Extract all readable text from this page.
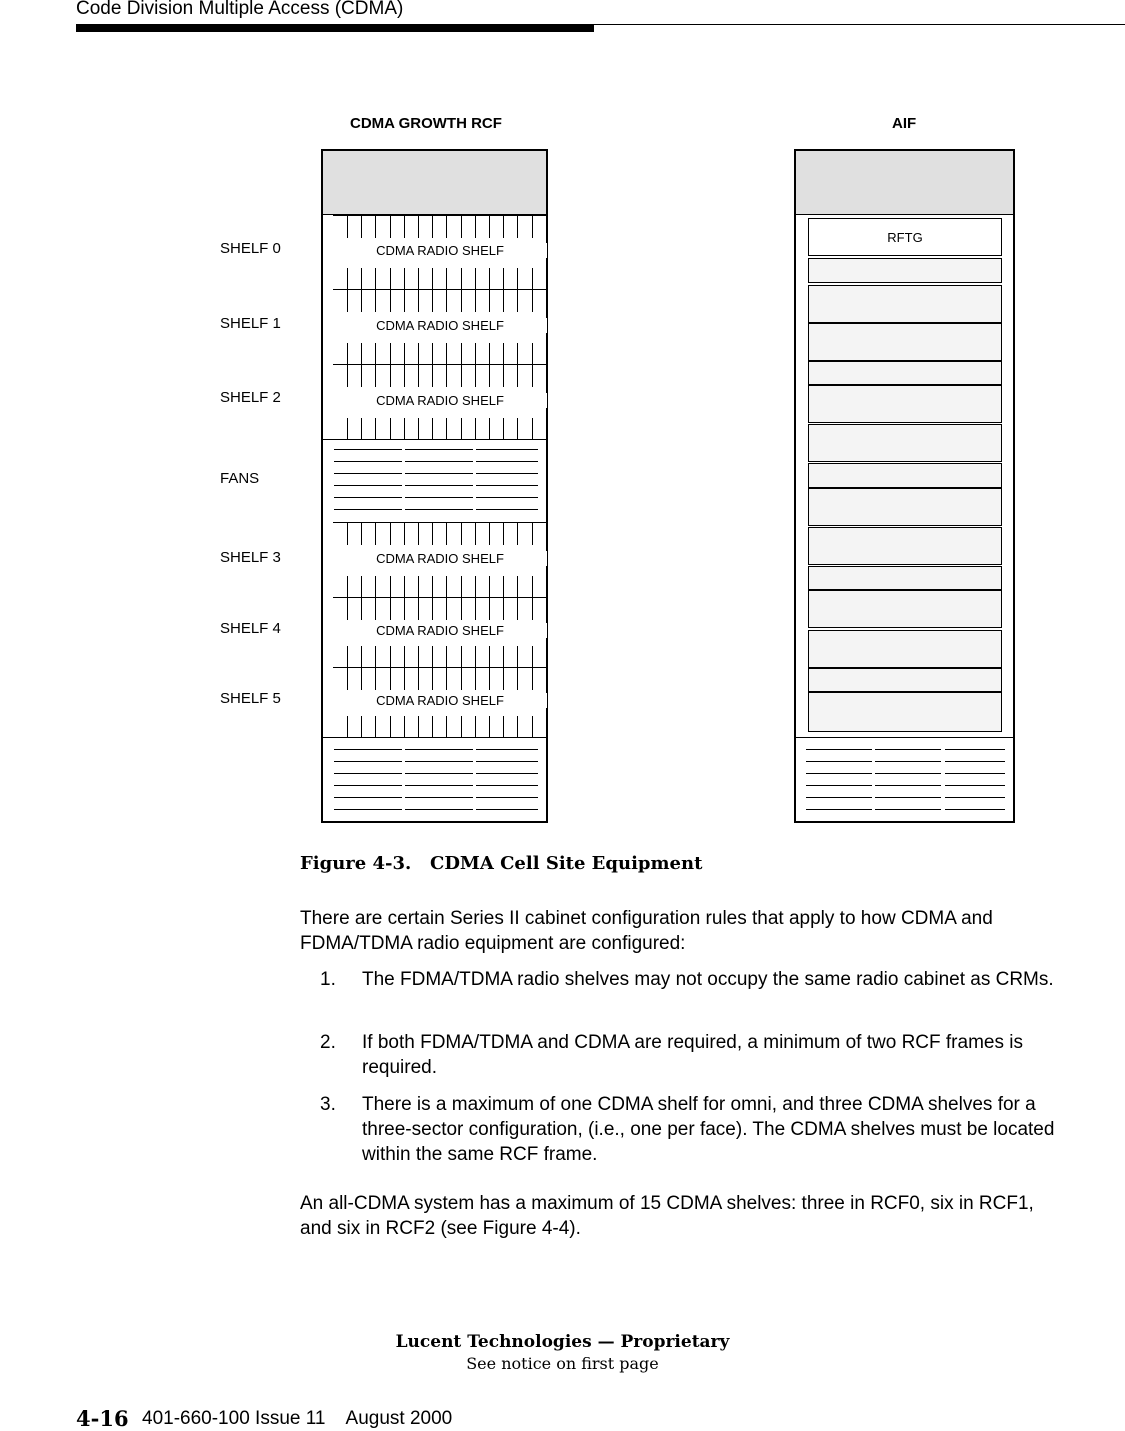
Code Division Multiple Access (CDMA)
CDMA GROWTH RCF	AIF
SHELF 0
SHELF 1
SHELF 2
FANS
SHELF 3
SHELF 4
SHELF 5
CDMA RADIO SHELF
CDMA RADIO SHELF
CDMA RADIO SHELF
CDMA RADIO SHELF
CDMA RADIO SHELF
CDMA RADIO SHELF
RFTG
Figure 4-3. CDMA Cell Site Equipment
There are certain Series II cabinet configuration rules that apply to how CDMA and FDMA/TDMA radio equipment are configured:
1. The FDMA/TDMA radio shelves may not occupy the same radio cabinet as CRMs.
2. If both FDMA/TDMA and CDMA are required, a minimum of two RCF frames is required.
3. There is a maximum of one CDMA shelf for omni, and three CDMA shelves for a three-sector configuration, (i.e., one per face). The CDMA shelves must be located within the same RCF frame.
An all-CDMA system has a maximum of 15 CDMA shelves: three in RCF0, six in RCF1, and six in RCF2 (see Figure 4-4).
Lucent Technologies — Proprietary
See notice on first page
4-16 401-660-100 Issue 11    August 2000
